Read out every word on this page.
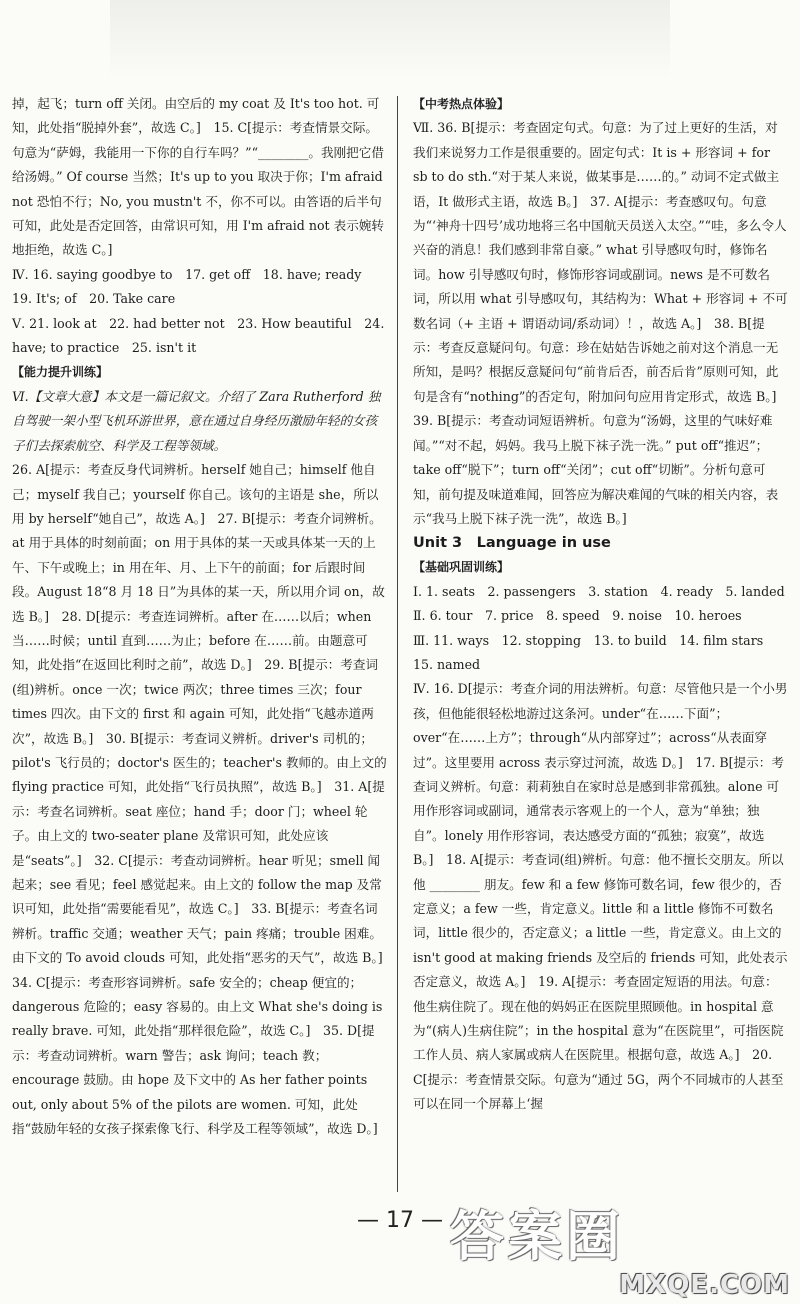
掉，起飞；turn off 关闭。由空后的 my coat 及 It's too hot. 可知，此处指“脱掉外套”，故选 C。]　15. C[提示：考查情景交际。句意为“萨姆，我能用一下你的自行车吗？”“________。我刚把它借给汤姆。” Of course 当然；It's up to you 取决于你；I'm afraid not 恐怕不行；No, you mustn't 不，你不可以。由答语的后半句可知，此处是否定回答，由常识可知，用 I'm afraid not 表示婉转地拒绝，故选 C。]

Ⅳ. 16. saying goodbye to　17. get off　18. have; ready　19. It's; of　20. Take care

Ⅴ. 21. look at　22. had better not　23. How beautiful　24. have; to practice　25. isn't it

【能力提升训练】

Ⅵ.【文章大意】本文是一篇记叙文。介绍了 Zara Rutherford 独自驾驶一架小型飞机环游世界，意在通过自身经历激励年轻的女孩子们去探索航空、科学及工程等领域。

26. A[提示：考查反身代词辨析。herself 她自己；himself 他自己；myself 我自己；yourself 你自己。该句的主语是 she，所以用 by herself“她自己”，故选 A。]　27. B[提示：考查介词辨析。at 用于具体的时刻前面；on 用于具体的某一天或具体某一天的上午、下午或晚上；in 用在年、月、上下午的前面；for 后跟时间段。August 18“8 月 18 日”为具体的某一天，所以用介词 on，故选 B。]　28. D[提示：考查连词辨析。after 在……以后；when 当……时候；until 直到……为止；before 在……前。由题意可知，此处指“在返回比利时之前”，故选 D。]　29. B[提示：考查词(组)辨析。once 一次；twice 两次；three times 三次；four times 四次。由下文的 first 和 again 可知，此处指“飞越赤道两次”，故选 B。]　30. B[提示：考查词义辨析。driver's 司机的；pilot's 飞行员的；doctor's 医生的；teacher's 教师的。由上文的 flying practice 可知，此处指“飞行员执照”，故选 B。]　31. A[提示：考查名词辨析。seat 座位；hand 手；door 门；wheel 轮子。由上文的 two-seater plane 及常识可知，此处应该是“seats”。]　32. C[提示：考查动词辨析。hear 听见；smell 闻起来；see 看见；feel 感觉起来。由上文的 follow the map 及常识可知，此处指“需要能看见”，故选 C。]　33. B[提示：考查名词辨析。traffic 交通；weather 天气；pain 疼痛；trouble 困难。由下文的 To avoid clouds 可知，此处指“恶劣的天气”，故选 B。]　34. C[提示：考查形容词辨析。safe 安全的；cheap 便宜的；dangerous 危险的；easy 容易的。由上文 What she's doing is really brave. 可知，此处指“那样很危险”，故选 C。]　35. D[提示：考查动词辨析。warn 警告；ask 询问；teach 教；encourage 鼓励。由 hope 及下文中的 As her father points out, only about 5% of the pilots are women. 可知，此处指“鼓励年轻的女孩子探索像飞行、科学及工程等领域”，故选 D。]

【中考热点体验】

Ⅶ. 36. B[提示：考查固定句式。句意：为了过上更好的生活，对我们来说努力工作是很重要的。固定句式：It is + 形容词 + for sb to do sth.“对于某人来说，做某事是……的。” 动词不定式做主语，It 做形式主语，故选 B。]　37. A[提示：考查感叹句。句意为“‘神舟十四号’成功地将三名中国航天员送入太空。”“哇，多么令人兴奋的消息！我们感到非常自豪。” what 引导感叹句时，修饰名词。how 引导感叹句时，修饰形容词或副词。news 是不可数名词，所以用 what 引导感叹句，其结构为：What + 形容词 + 不可数名词（+ 主语 + 谓语动词/系动词）！，故选 A。]　38. B[提示：考查反意疑问句。句意：珍在姑姑告诉她之前对这个消息一无所知，是吗？根据反意疑问句“前肯后否，前否后肯”原则可知，此句是含有“nothing”的否定句，附加问句应用肯定形式，故选 B。]　39. B[提示：考查动词短语辨析。句意为“汤姆，这里的气味好难闻。”“对不起，妈妈。我马上脱下袜子洗一洗。” put off“推迟”；take off“脱下”；turn off“关闭”；cut off“切断”。分析句意可知，前句提及味道难闻，回答应为解决难闻的气味的相关内容，表示“我马上脱下袜子洗一洗”，故选 B。]

Unit 3　Language in use

【基础巩固训练】

Ⅰ. 1. seats　2. passengers　3. station　4. ready　5. landed

Ⅱ. 6. tour　7. price　8. speed　9. noise　10. heroes

Ⅲ. 11. ways　12. stopping　13. to build　14. film stars　15. named

Ⅳ. 16. D[提示：考查介词的用法辨析。句意：尽管他只是一个小男孩，但他能很轻松地游过这条河。under“在……下面”；over“在……上方”；through“从内部穿过”；across“从表面穿过”。这里要用 across 表示穿过河流，故选 D。]　17. B[提示：考查词义辨析。句意：莉莉独自在家时总是感到非常孤独。alone 可用作形容词或副词，通常表示客观上的一个人，意为“单独；独自”。lonely 用作形容词，表达感受方面的“孤独；寂寞”，故选 B。]　18. A[提示：考查词(组)辨析。句意：他不擅长交朋友。所以他 ________ 朋友。few 和 a few 修饰可数名词，few 很少的，否定意义；a few 一些，肯定意义。little 和 a little 修饰不可数名词，little 很少的，否定意义；a little 一些，肯定意义。由上文的 isn't good at making friends 及空后的 friends 可知，此处表示否定意义，故选 A。]　19. A[提示：考查固定短语的用法。句意：他生病住院了。现在他的妈妈正在医院里照顾他。in hospital 意为“(病人)生病住院”；in the hospital 意为“在医院里”，可指医院工作人员、病人家属或病人在医院里。根据句意，故选 A。]　20. C[提示：考查情景交际。句意为“通过 5G，两个不同城市的人甚至可以在同一个屏幕上‘握

— 17 — 答案圈
MXQE.COM
